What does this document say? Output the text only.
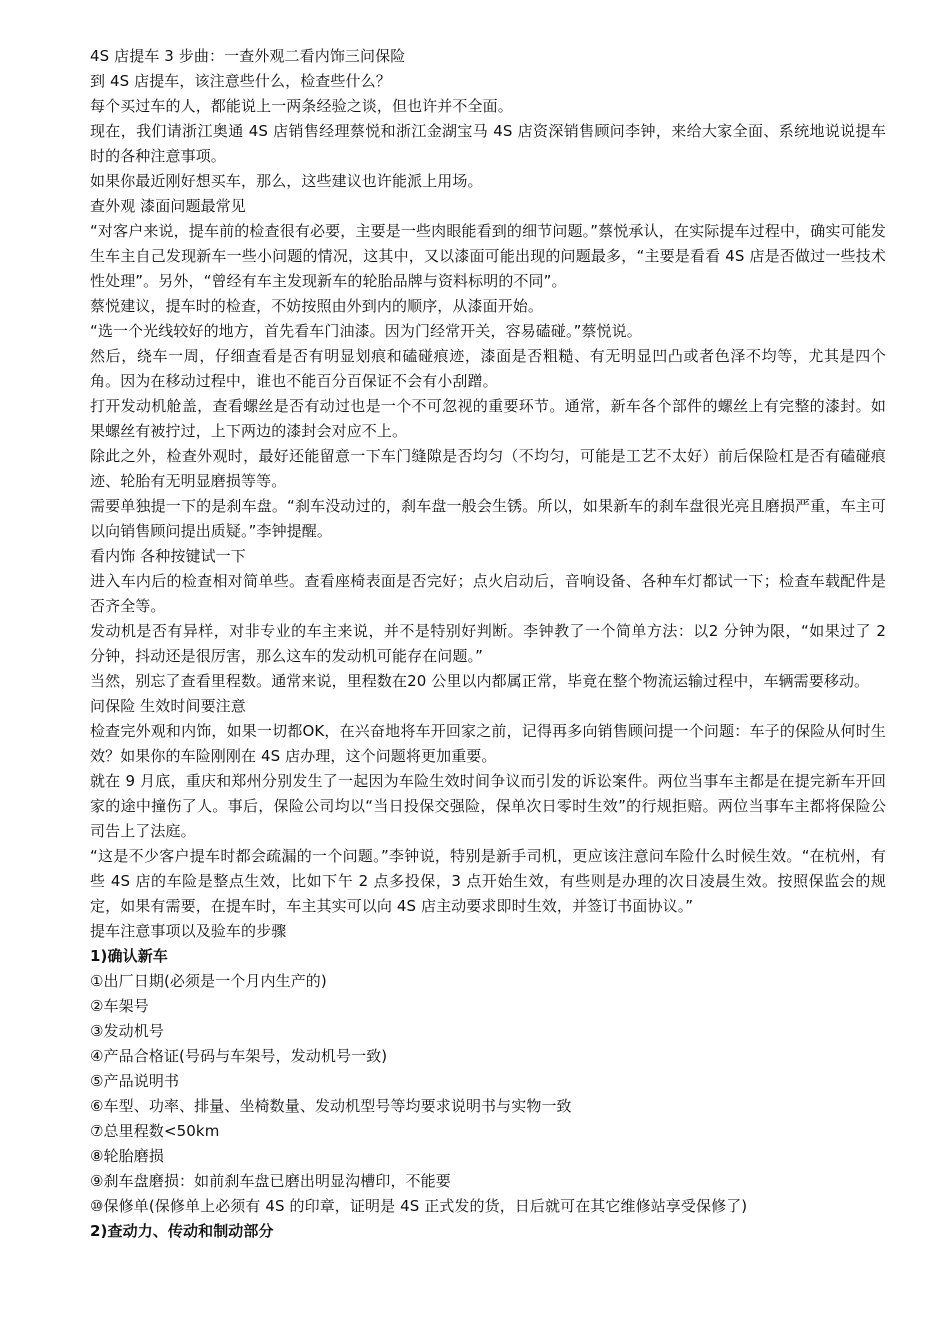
4S 店提车 3 步曲：一查外观二看内饰三问保险

到 4S 店提车，该注意些什么，检查些什么？

每个买过车的人，都能说上一两条经验之谈，但也许并不全面。

现在，我们请浙江奥通 4S 店销售经理蔡悦和浙江金湖宝马 4S 店资深销售顾问李钟，来给大家全面、系统地说说提车时的各种注意事项。

如果你最近刚好想买车，那么，这些建议也许能派上用场。

查外观 漆面问题最常见

“对客户来说，提车前的检查很有必要，主要是一些肉眼能看到的细节问题。”蔡悦承认，在实际提车过程中，确实可能发生车主自己发现新车一些小问题的情况，这其中，又以漆面可能出现的问题最多，“主要是看看 4S 店是否做过一些技术性处理”。另外，“曾经有车主发现新车的轮胎品牌与资料标明的不同”。

蔡悦建议，提车时的检查，不妨按照由外到内的顺序，从漆面开始。

“选一个光线较好的地方，首先看车门油漆。因为门经常开关，容易磕碰。”蔡悦说。

然后，绕车一周，仔细查看是否有明显划痕和磕碰痕迹，漆面是否粗糙、有无明显凹凸或者色泽不均等，尤其是四个角。因为在移动过程中，谁也不能百分百保证不会有小刮蹭。

打开发动机舱盖，查看螺丝是否有动过也是一个不可忽视的重要环节。通常，新车各个部件的螺丝上有完整的漆封。如果螺丝有被拧过，上下两边的漆封会对应不上。

除此之外，检查外观时，最好还能留意一下车门缝隙是否均匀（不均匀，可能是工艺不太好）前后保险杠是否有磕碰痕迹、轮胎有无明显磨损等等。

需要单独提一下的是刹车盘。“刹车没动过的，刹车盘一般会生锈。所以，如果新车的刹车盘很光亮且磨损严重，车主可以向销售顾问提出质疑。”李钟提醒。

看内饰 各种按键试一下

进入车内后的检查相对简单些。查看座椅表面是否完好；点火启动后，音响设备、各种车灯都试一下；检查车载配件是否齐全等。

发动机是否有异样，对非专业的车主来说，并不是特别好判断。李钟教了一个简单方法：以2 分钟为限，“如果过了 2 分钟，抖动还是很厉害，那么这车的发动机可能存在问题。”

当然，别忘了查看里程数。通常来说，里程数在20 公里以内都属正常，毕竟在整个物流运输过程中，车辆需要移动。

问保险 生效时间要注意

检查完外观和内饰，如果一切都OK，在兴奋地将车开回家之前，记得再多向销售顾问提一个问题：车子的保险从何时生效？如果你的车险刚刚在 4S 店办理，这个问题将更加重要。

就在 9 月底，重庆和郑州分别发生了一起因为车险生效时间争议而引发的诉讼案件。两位当事车主都是在提完新车开回家的途中撞伤了人。事后，保险公司均以“当日投保交强险，保单次日零时生效”的行规拒赔。两位当事车主都将保险公司告上了法庭。

“这是不少客户提车时都会疏漏的一个问题。”李钟说，特别是新手司机，更应该注意问车险什么时候生效。“在杭州，有些 4S 店的车险是整点生效，比如下午 2 点多投保，3 点开始生效，有些则是办理的次日凌晨生效。按照保监会的规定，如果有需要，在提车时，车主其实可以向 4S 店主动要求即时生效，并签订书面协议。”

提车注意事项以及验车的步骤

1)确认新车

①出厂日期(必须是一个月内生产的)

②车架号

③发动机号

④产品合格证(号码与车架号，发动机号一致)

⑤产品说明书

⑥车型、功率、排量、坐椅数量、发动机型号等均要求说明书与实物一致

⑦总里程数<50km

⑧轮胎磨损

⑨刹车盘磨损：如前刹车盘已磨出明显沟槽印，不能要

⑩保修单(保修单上必须有 4S 的印章，证明是 4S 正式发的货，日后就可在其它维修站享受保修了)

2)查动力、传动和制动部分
